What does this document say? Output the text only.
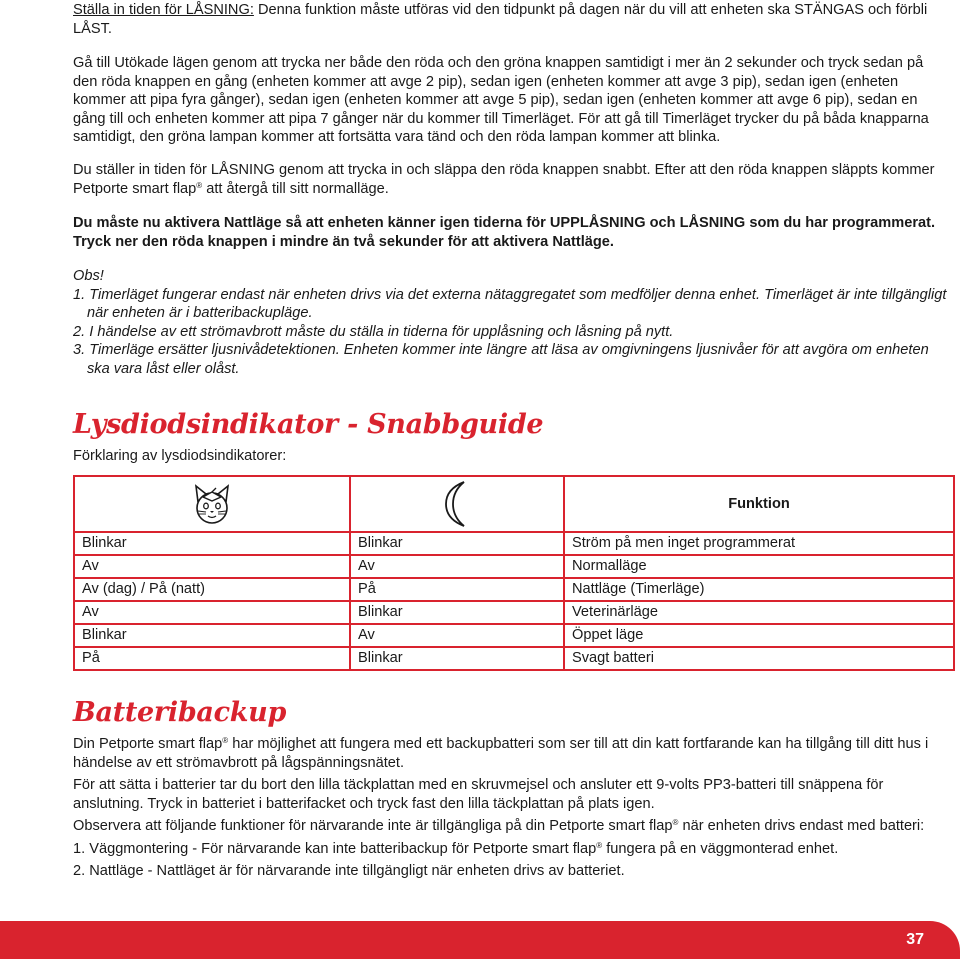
Ställa in tiden för LÅSNING: Denna funktion måste utföras vid den tidpunkt på dagen när du vill att enheten ska STÄNGAS och förbli LÅST.

Gå till Utökade lägen genom att trycka ner både den röda och den gröna knappen samtidigt i mer än 2 sekunder och tryck sedan på den röda knappen en gång (enheten kommer att avge 2 pip), sedan igen (enheten kommer att avge 3 pip), sedan igen (enheten kommer att pipa fyra gånger), sedan igen (enheten kommer att avge 5 pip), sedan igen (enheten kommer att avge 6 pip), sedan en gång till och enheten kommer att pipa 7 gånger när du kommer till Timerläget. För att gå till Timerläget trycker du på båda knapparna samtidigt, den gröna lampan kommer att fortsätta vara tänd och den röda lampan kommer att blinka.

Du ställer in tiden för LÅSNING genom att trycka in och släppa den röda knappen snabbt. Efter att den röda knappen släppts kommer Petporte smart flap® att återgå till sitt normalläge.

Du måste nu aktivera Nattläge så att enheten känner igen tiderna för UPPLÅSNING och LÅSNING som du har programmerat. Tryck ner den röda knappen i mindre än två sekunder för att aktivera Nattläge.

Obs!

1. Timerläget fungerar endast när enheten drivs via det externa nätaggregatet som medföljer denna enhet. Timerläget är inte tillgängligt när enheten är i batteribackupläge.

2. I händelse av ett strömavbrott måste du ställa in tiderna för upplåsning och låsning på nytt.

3. Timerläge ersätter ljusnivådetektionen. Enheten kommer inte längre att läsa av omgivningens ljusnivåer för att avgöra om enheten ska vara låst eller olåst.

Lysdiodsindikator - Snabbguide

Förklaring av lysdiodsindikatorer:

Batteribackup

Din Petporte smart flap® har möjlighet att fungera med ett backupbatteri som ser till att din katt fortfarande kan ha tillgång till ditt hus i händelse av ett strömavbrott på lågspänningsnätet.

För att sätta i batterier tar du bort den lilla täckplattan med en skruvmejsel och ansluter ett 9-volts PP3-batteri till snäppena för anslutning. Tryck in batteriet i batterifacket och tryck fast den lilla täckplattan på plats igen.

Observera att följande funktioner för närvarande inte är tillgängliga på din Petporte smart flap® när enheten drivs endast med batteri:

1. Väggmontering - För närvarande kan inte batteribackup för Petporte smart flap® fungera på en väggmonterad enhet.

2. Nattläge - Nattläget är för närvarande inte tillgängligt när enheten drivs av batteriet.

		Funktion
Blinkar	Blinkar	Ström på men inget programmerat
Av	Av	Normalläge
Av (dag) / På (natt)	På	Nattläge (Timerläge)
Av	Blinkar	Veterinärläge
Blinkar	Av	Öppet läge
På	Blinkar	Svagt batteri
37
